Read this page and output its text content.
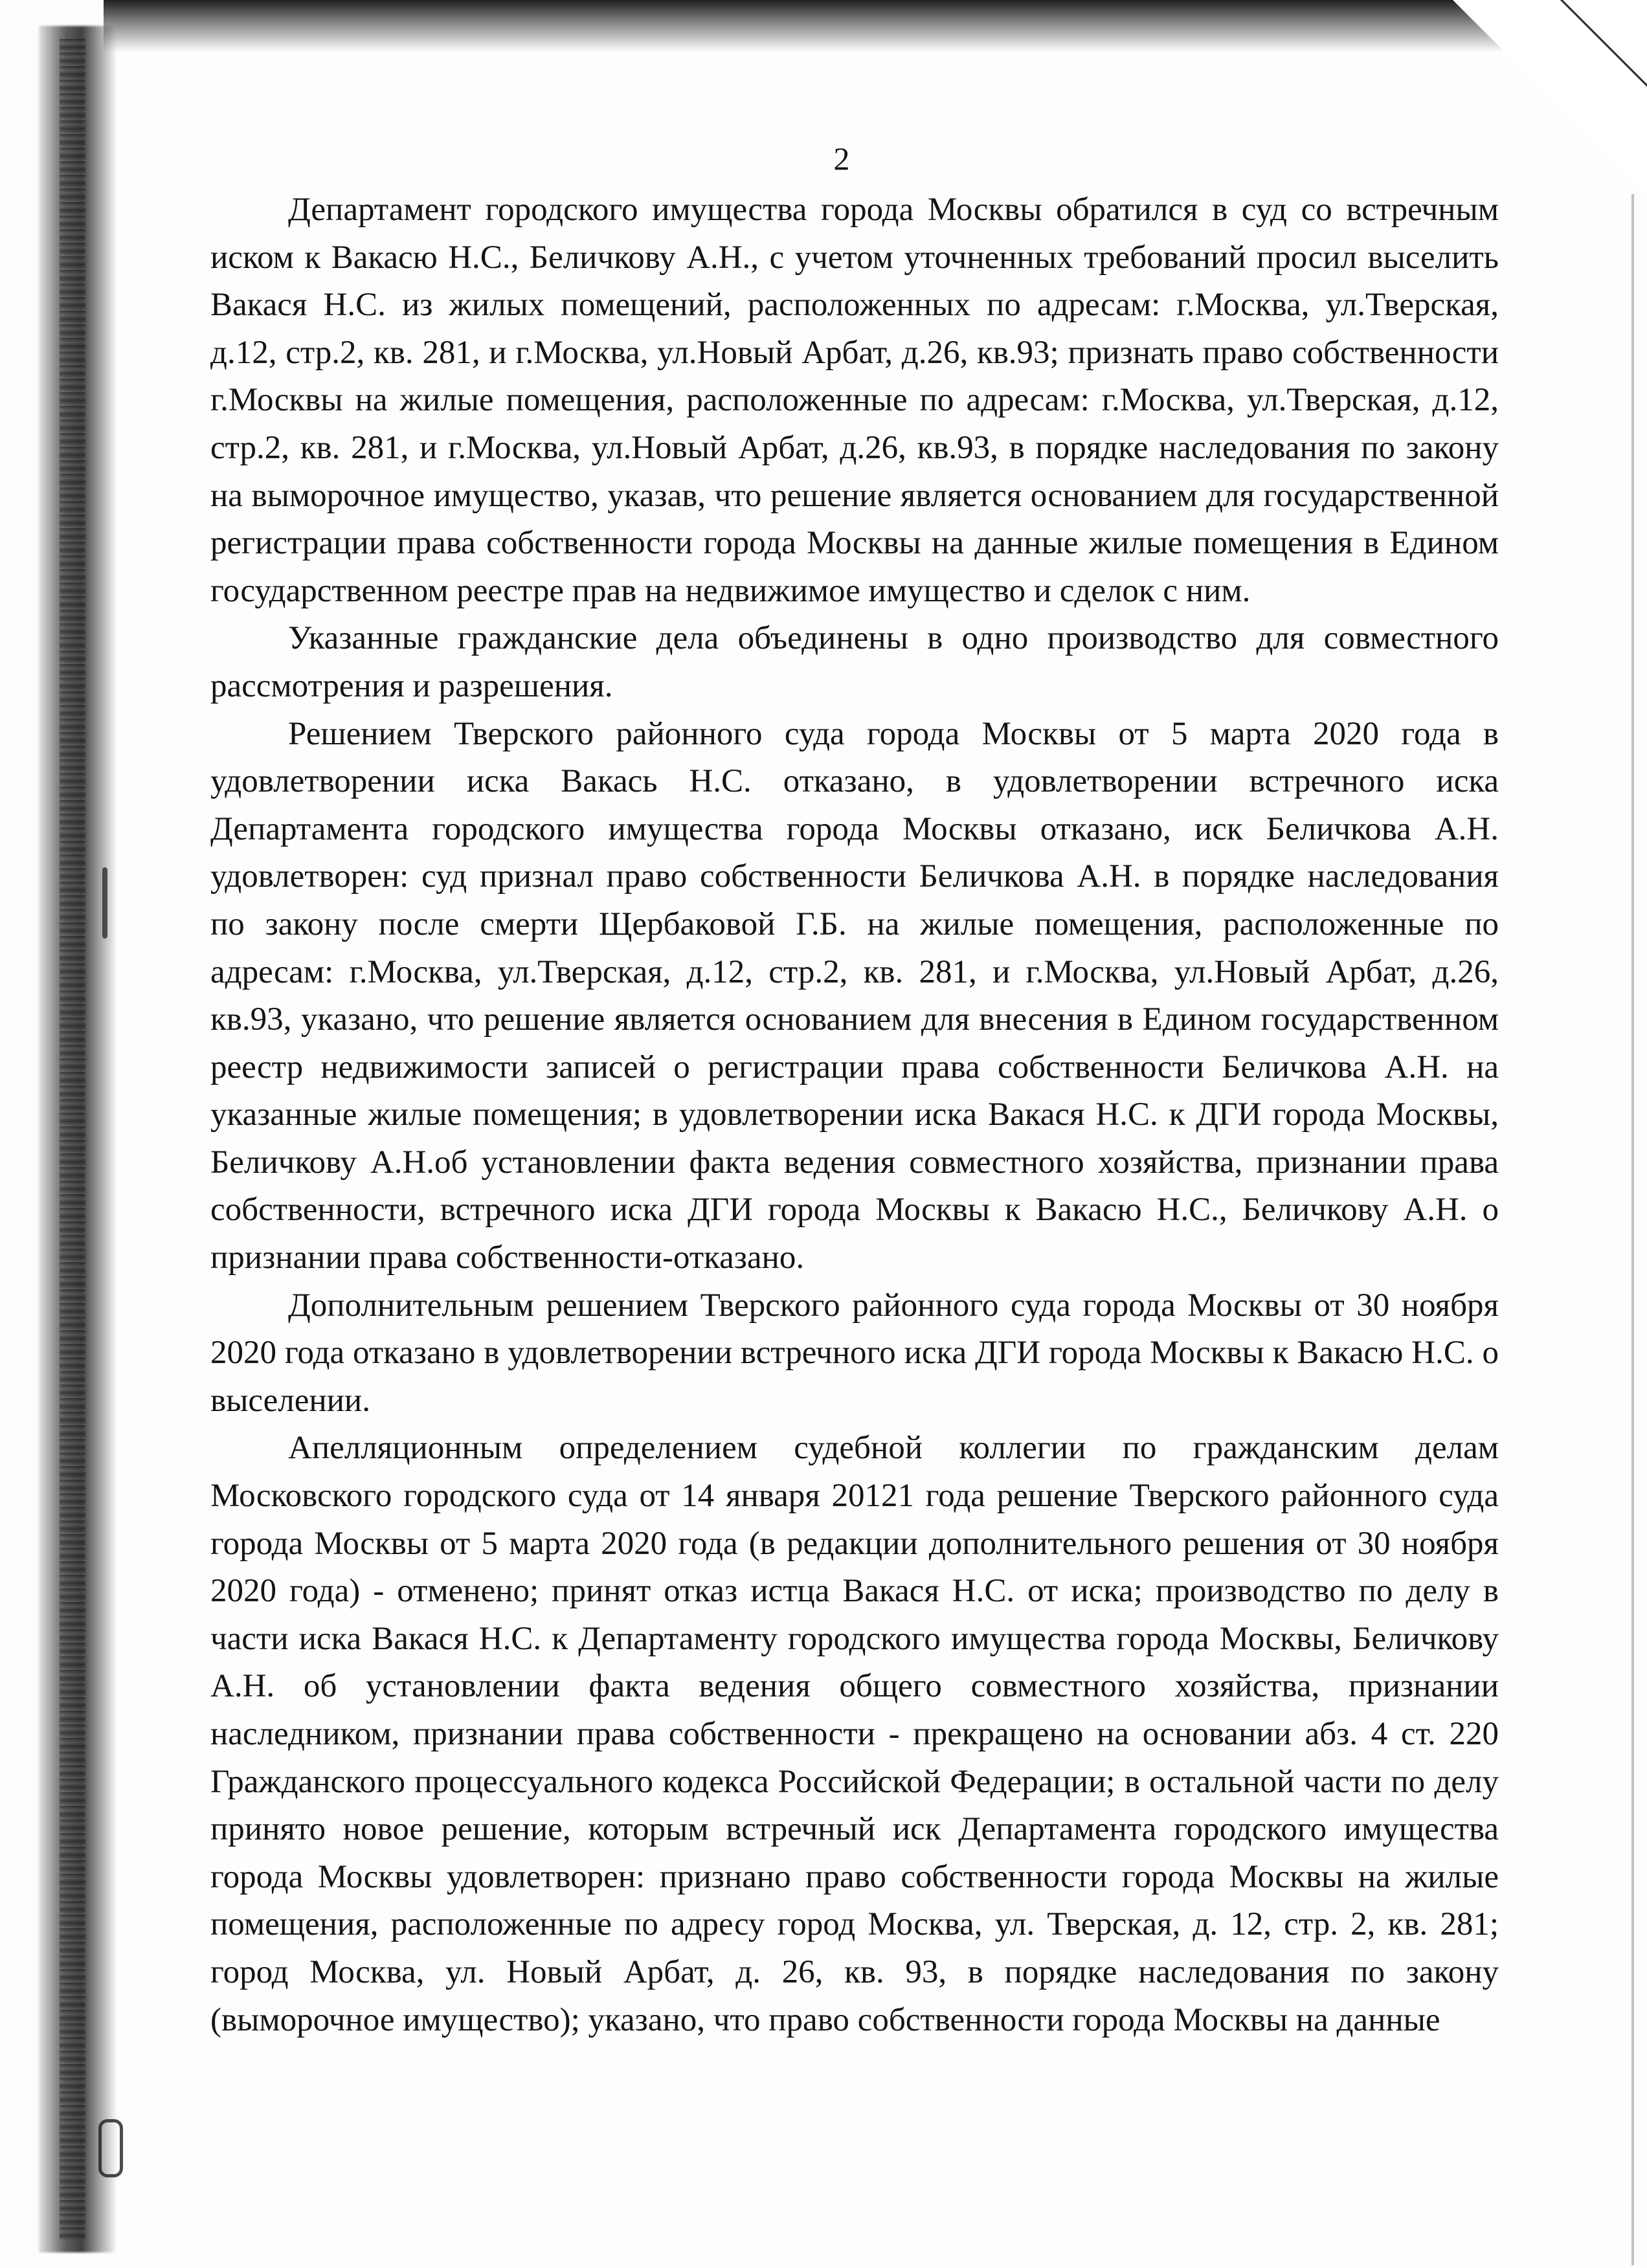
2

Департамент городского имущества города Москвы обратился в суд со встречным иском к Вакасю Н.С., Беличкову А.Н., с учетом уточненных требований просил выселить Вакася Н.С. из жилых помещений, расположенных по адресам: г.Москва, ул.Тверская, д.12, стр.2, кв. 281, и г.Москва, ул.Новый Арбат, д.26, кв.93; признать право собственности г.Москвы на жилые помещения, расположенные по адресам: г.Москва, ул.Тверская, д.12, стр.2, кв. 281, и г.Москва, ул.Новый Арбат, д.26, кв.93, в порядке наследования по закону на выморочное имущество, указав, что решение является основанием для государственной регистрации права собственности города Москвы на данные жилые помещения в Едином государственном реестре прав на недвижимое имущество и сделок с ним.

Указанные гражданские дела объединены в одно производство для совместного рассмотрения и разрешения.

Решением Тверского районного суда города Москвы от 5 марта 2020 года в удовлетворении иска Вакась Н.С. отказано, в удовлетворении встречного иска Департамента городского имущества города Москвы отказано, иск Беличкова А.Н. удовлетворен: суд признал право собственности Беличкова А.Н. в порядке наследования по закону после смерти Щербаковой Г.Б. на жилые помещения, расположенные по адресам: г.Москва, ул.Тверская, д.12, стр.2, кв. 281, и г.Москва, ул.Новый Арбат, д.26, кв.93, указано, что решение является основанием для внесения в Едином государственном реестр недвижимости записей о регистрации права собственности Беличкова А.Н. на указанные жилые помещения; в удовлетворении иска Вакася Н.С. к ДГИ города Москвы, Беличкову А.Н.об установлении факта ведения совместного хозяйства, признании права собственности, встречного иска ДГИ города Москвы к Вакасю Н.С., Беличкову А.Н. о признании права собственности-отказано.

Дополнительным решением Тверского районного суда города Москвы от 30 ноября 2020 года отказано в удовлетворении встречного иска ДГИ города Москвы к Вакасю Н.С. о выселении.

Апелляционным определением судебной коллегии по гражданским делам Московского городского суда от 14 января 20121 года решение Тверского районного суда города Москвы от 5 марта 2020 года (в редакции дополнительного решения от 30 ноября 2020 года) - отменено; принят отказ истца Вакася Н.С. от иска; производство по делу в части иска Вакася Н.С. к Департаменту городского имущества города Москвы, Беличкову А.Н. об установлении факта ведения общего совместного хозяйства, признании наследником, признании права собственности - прекращено на основании абз. 4 ст. 220 Гражданского процессуального кодекса Российской Федерации; в остальной части по делу принято новое решение, которым встречный иск Департамента городского имущества города Москвы удовлетворен: признано право собственности города Москвы на жилые помещения, расположенные по адресу город Москва, ул. Тверская, д. 12, стр. 2, кв. 281; город Москва, ул. Новый Арбат, д. 26, кв. 93, в порядке наследования по закону (выморочное имущество); указано, что право собственности города Москвы на данные
